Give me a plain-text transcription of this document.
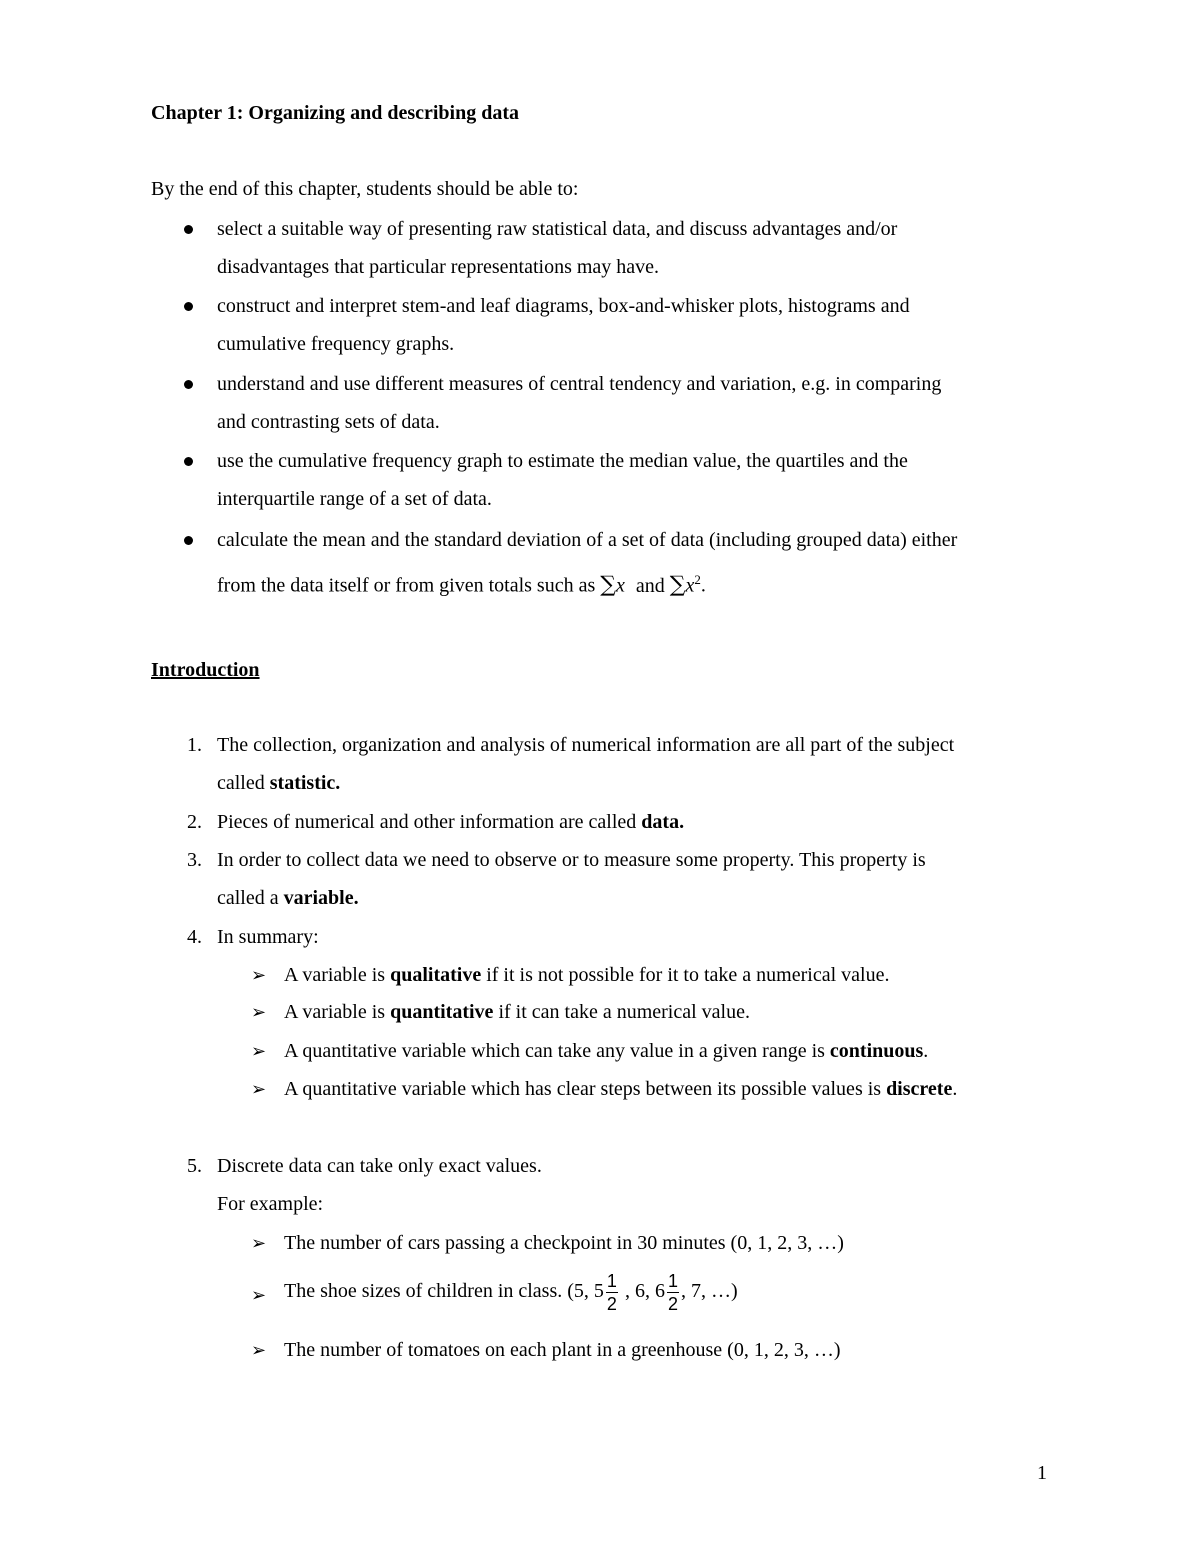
Chapter 1: Organizing and describing data
By the end of this chapter, students should be able to:
select a suitable way of presenting raw statistical data, and discuss advantages and/or
disadvantages that particular representations may have.
construct and interpret stem-and leaf diagrams, box-and-whisker plots, histograms and
cumulative frequency graphs.
understand and use different measures of central tendency and variation, e.g. in comparing
and contrasting sets of data.
use the cumulative frequency graph to estimate the median value, the quartiles and the
interquartile range of a set of data.
calculate the mean and the standard deviation of a set of data (including grouped data) either
from the data itself or from given totals such as ∑x and $\sum x^2$.
Introduction
1. The collection, organization and analysis of numerical information are all part of the subject
called statistic.
2. Pieces of numerical and other information are called data.
3. In order to collect data we need to observe or to measure some property. This property is
called a variable.
4. In summary:
➢ A variable is qualitative if it is not possible for it to take a numerical value.
➢ A variable is quantitative if it can take a numerical value.
➢ A quantitative variable which can take any value in a given range is continuous.
➢ A quantitative variable which has clear steps between its possible values is discrete.
5. Discrete data can take only exact values.
For example:
➢ The number of cars passing a checkpoint in 30 minutes (0, 1, 2, 3, …)
➢ The shoe sizes of children in class. (5, $5 \frac{1}{2}$ , 6, $6 \frac{1}{2}$ , 7, …)
➢ The number of tomatoes on each plant in a greenhouse (0, 1, 2, 3, …)
1
